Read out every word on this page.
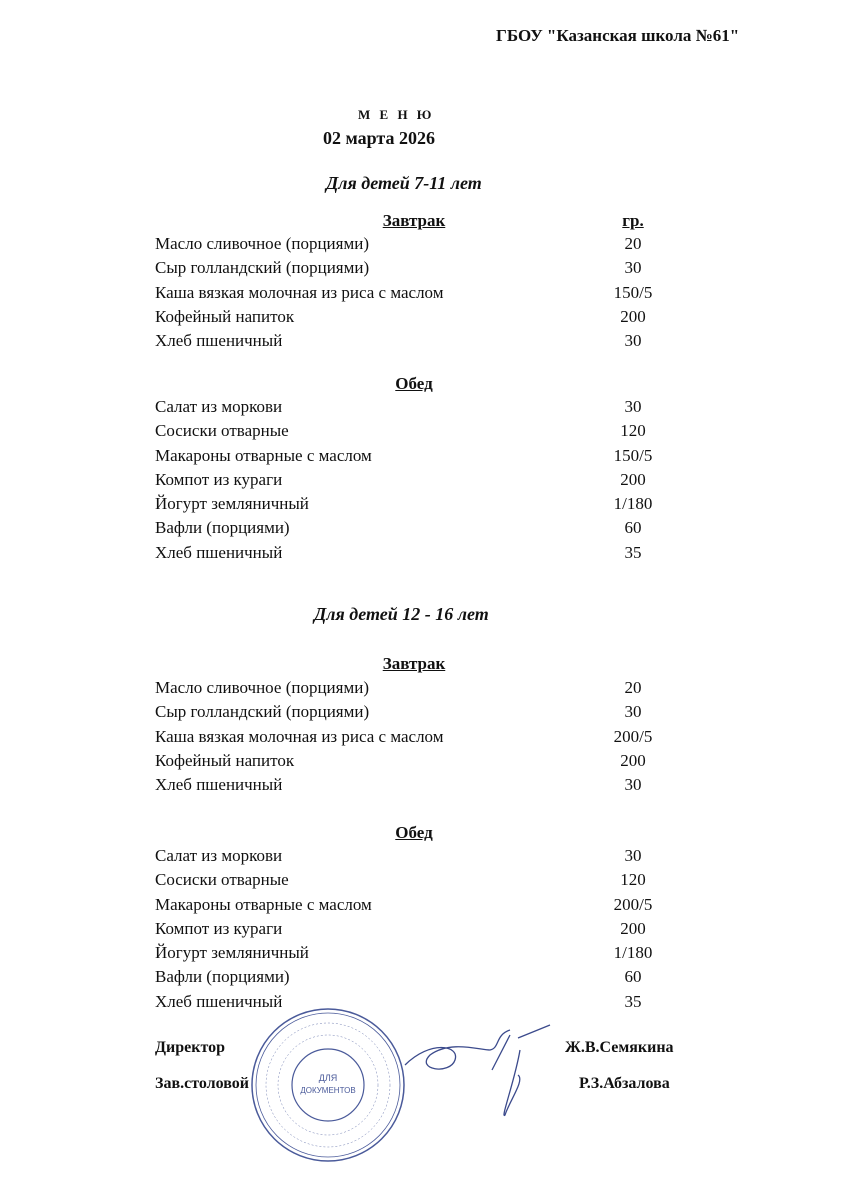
ГБОУ "Казанская школа №61"
М Е Н Ю
02 марта 2026
Для детей 7-11 лет
Завтрак	гр.
Масло сливочное (порциями)	20
Сыр голландский (порциями)	30
Каша вязкая молочная из риса с маслом	150/5
Кофейный напиток	200
Хлеб пшеничный	30
Обед
Салат из моркови	30
Сосиски отварные	120
Макароны отварные с маслом	150/5
Компот из кураги	200
Йогурт земляничный	1/180
Вафли (порциями)	60
Хлеб пшеничный	35
Для детей 12 - 16 лет
Завтрак
Масло сливочное (порциями)	20
Сыр голландский (порциями)	30
Каша вязкая молочная из риса с маслом	200/5
Кофейный напиток	200
Хлеб пшеничный	30
Обед
Салат из моркови	30
Сосиски отварные	120
Макароны отварные с маслом	200/5
Компот из кураги	200
Йогурт земляничный	1/180
Вафли (порциями)	60
Хлеб пшеничный	35
ДЛЯ
ДОКУМЕНТОВ
Директор	Ж.В.Семякина
Зав.столовой	Р.З.Абзалова
